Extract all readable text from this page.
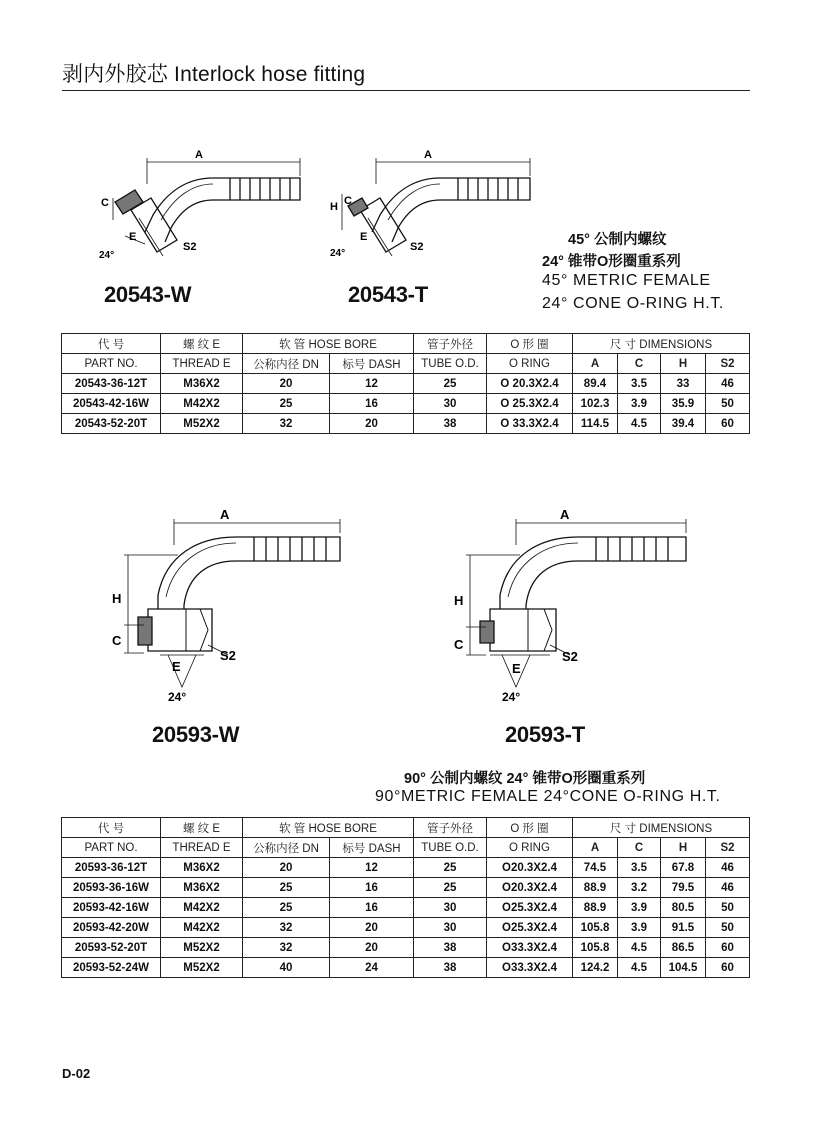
剥内外胶芯 Interlock hose fitting
A
C
E
S2
24°
20543-W
A
H C
E
S2
24°
20543-T
45° 公制内螺纹
24° 锥带O形圈重系列
45° METRIC FEMALE
24° CONE O-RING H.T.
代 号	螺 纹 E	软 管 HOSE BORE		管子外径	O 形 圈	尺 寸 DIMENSIONS			
PART NO.	THREAD E	公称内径 DN	标号 DASH	TUBE O.D.	O RING	A	C	H	S2
20543-36-12T	M36X2	20	12	25	O 20.3X2.4	89.4	3.5	33	46
20543-42-16W	M42X2	25	16	30	O 25.3X2.4	102.3	3.9	35.9	50
20543-52-20T	M52X2	32	20	38	O 33.3X2.4	114.5	4.5	39.4	60
A
H
C
E
S2
24°
20593-W
A
H
C
E
S2
24°
20593-T
90° 公制内螺纹 24° 锥带O形圈重系列
90°METRIC FEMALE 24°CONE O-RING H.T.
代 号	螺 纹 E	软 管 HOSE BORE		管子外径	O 形 圈	尺 寸 DIMENSIONS			
PART NO.	THREAD E	公称内径 DN	标号 DASH	TUBE O.D.	O RING	A	C	H	S2
20593-36-12T	M36X2	20	12	25	O20.3X2.4	74.5	3.5	67.8	46
20593-36-16W	M36X2	25	16	25	O20.3X2.4	88.9	3.2	79.5	46
20593-42-16W	M42X2	25	16	30	O25.3X2.4	88.9	3.9	80.5	50
20593-42-20W	M42X2	32	20	30	O25.3X2.4	105.8	3.9	91.5	50
20593-52-20T	M52X2	32	20	38	O33.3X2.4	105.8	4.5	86.5	60
20593-52-24W	M52X2	40	24	38	O33.3X2.4	124.2	4.5	104.5	60
D-02
